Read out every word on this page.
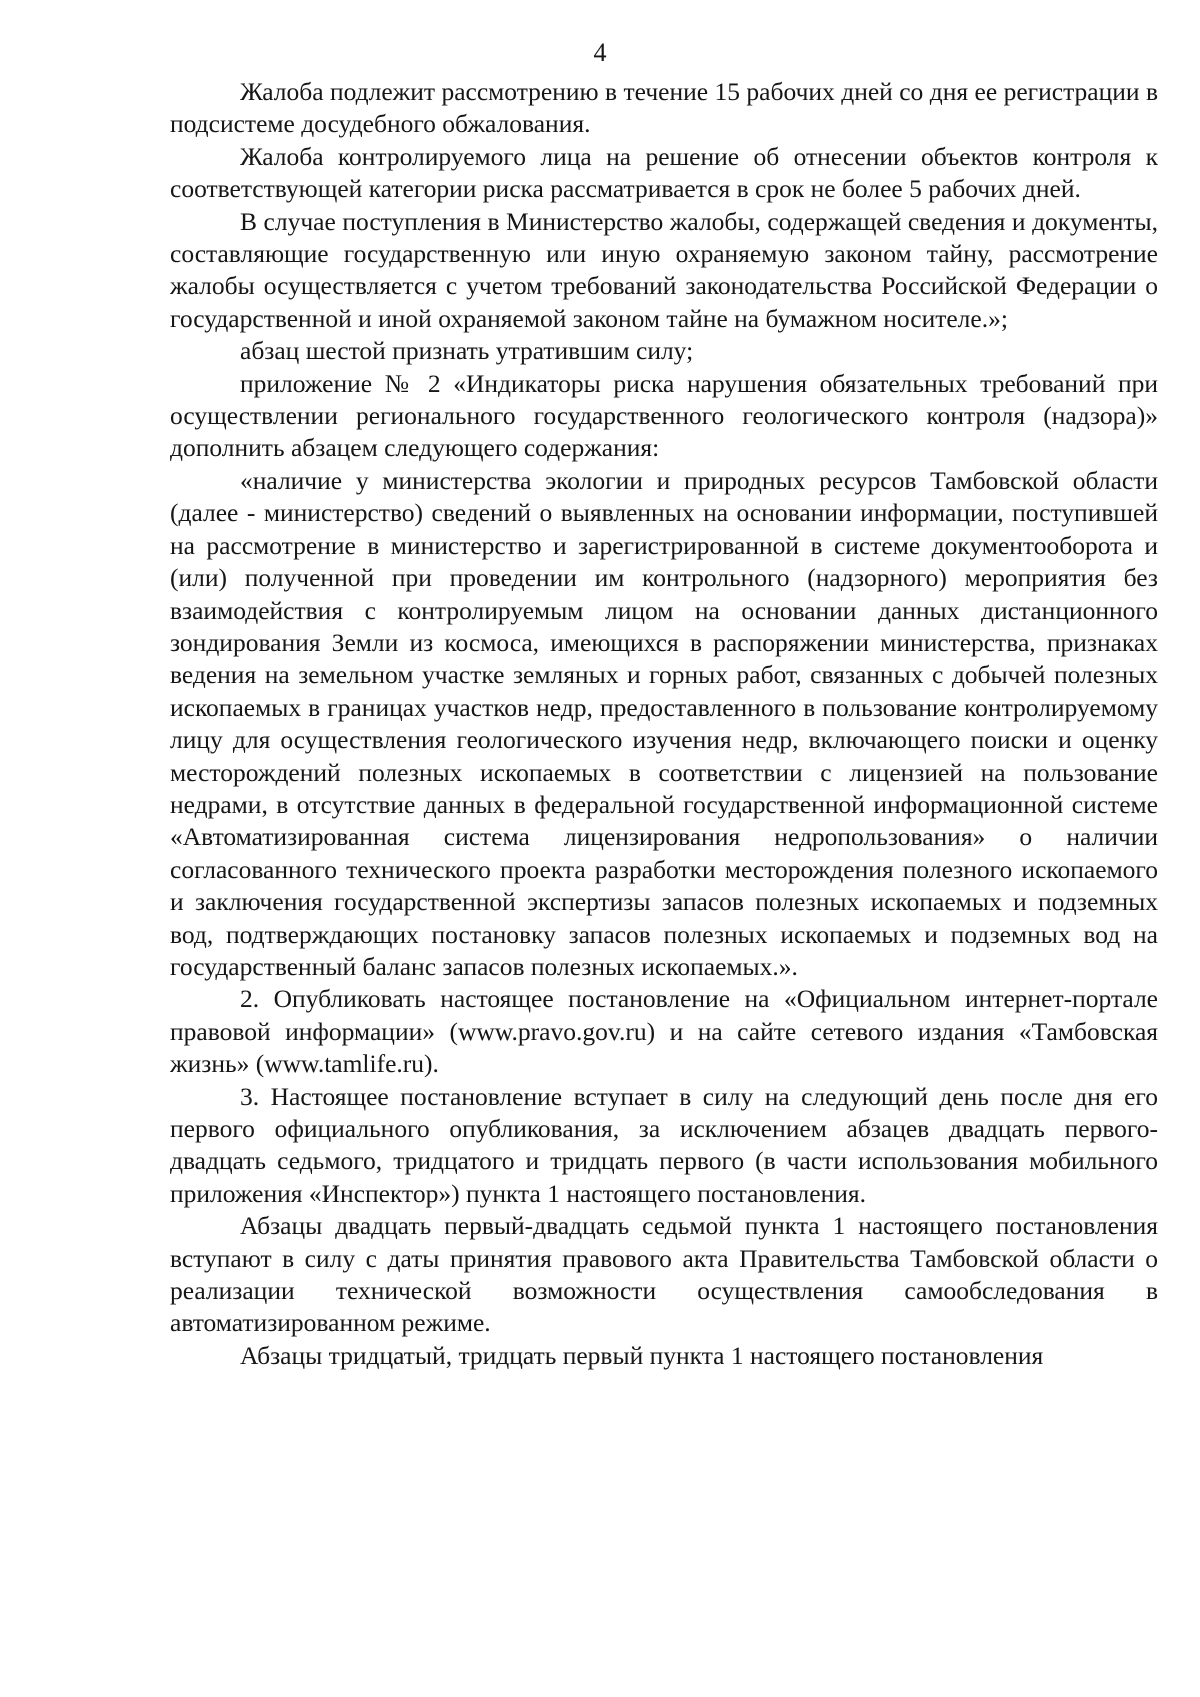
4

Жалоба подлежит рассмотрению в течение 15 рабочих дней со дня ее регистрации в подсистеме досудебного обжалования.

Жалоба контролируемого лица на решение об отнесении объектов контроля к соответствующей категории риска рассматривается в срок не более 5 рабочих дней.

В случае поступления в Министерство жалобы, содержащей сведения и документы, составляющие государственную или иную охраняемую законом тайну, рассмотрение жалобы осуществляется с учетом требований законодательства Российской Федерации о государственной и иной охраняемой законом тайне на бумажном носителе.»;

абзац шестой признать утратившим силу;

приложение № 2 «Индикаторы риска нарушения обязательных требований при осуществлении регионального государственного геологического контроля (надзора)» дополнить абзацем следующего содержания:

«наличие у министерства экологии и природных ресурсов Тамбовской области (далее - министерство) сведений о выявленных на основании информации, поступившей на рассмотрение в министерство и зарегистрированной в системе документооборота и (или) полученной при проведении им контрольного (надзорного) мероприятия без взаимодействия с контролируемым лицом на основании данных дистанционного зондирования Земли из космоса, имеющихся в распоряжении министерства, признаках ведения на земельном участке земляных и горных работ, связанных с добычей полезных ископаемых в границах участков недр, предоставленного в пользование контролируемому лицу для осуществления геологического изучения недр, включающего поиски и оценку месторождений полезных ископаемых в соответствии с лицензией на пользование недрами, в отсутствие данных в федеральной государственной информационной системе «Автоматизированная система лицензирования недропользования» о наличии согласованного технического проекта разработки месторождения полезного ископаемого и заключения государственной экспертизы запасов полезных ископаемых и подземных вод, подтверждающих постановку запасов полезных ископаемых и подземных вод на государственный баланс запасов полезных ископаемых.».

2. Опубликовать настоящее постановление на «Официальном интернет-портале правовой информации» (www.pravo.gov.ru) и на сайте сетевого издания «Тамбовская жизнь» (www.tamlife.ru).

3. Настоящее постановление вступает в силу на следующий день после дня его первого официального опубликования, за исключением абзацев двадцать первого-двадцать седьмого, тридцатого и тридцать первого (в части использования мобильного приложения «Инспектор») пункта 1 настоящего постановления.

Абзацы двадцать первый-двадцать седьмой пункта 1 настоящего постановления вступают в силу с даты принятия правового акта Правительства Тамбовской области о реализации технической возможности осуществления самообследования в автоматизированном режиме.

Абзацы тридцатый, тридцать первый пункта 1 настоящего постановления
